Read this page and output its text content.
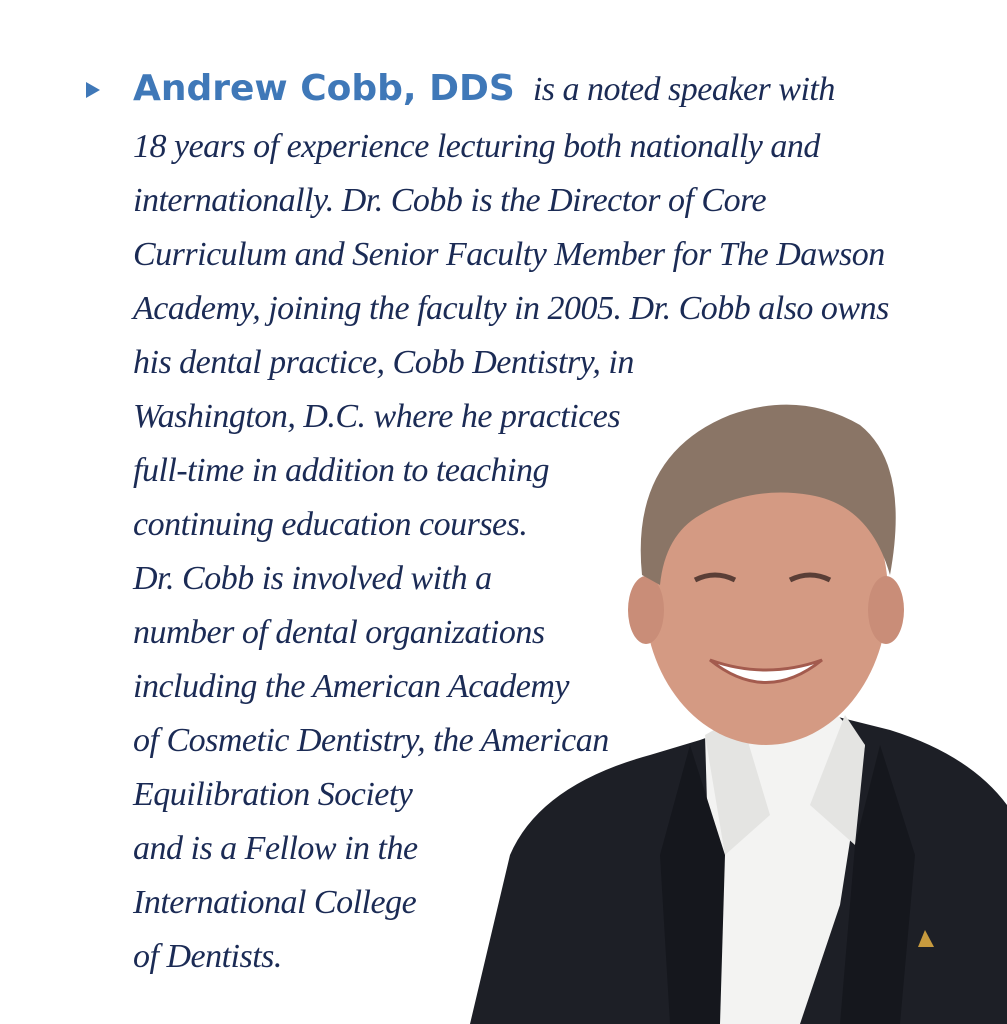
Andrew Cobb, DDS is a noted speaker with
18 years of experience lecturing both nationally and
internationally. Dr. Cobb is the Director of Core
Curriculum and Senior Faculty Member for The Dawson
Academy, joining the faculty in 2005. Dr. Cobb also owns
his dental practice, Cobb Dentistry, in
Washington, D.C. where he practices
full-time in addition to teaching
continuing education courses.
Dr. Cobb is involved with a
number of dental organizations
including the American Academy
of Cosmetic Dentistry, the American
Equilibration Society
and is a Fellow in the
International College
of Dentists.
